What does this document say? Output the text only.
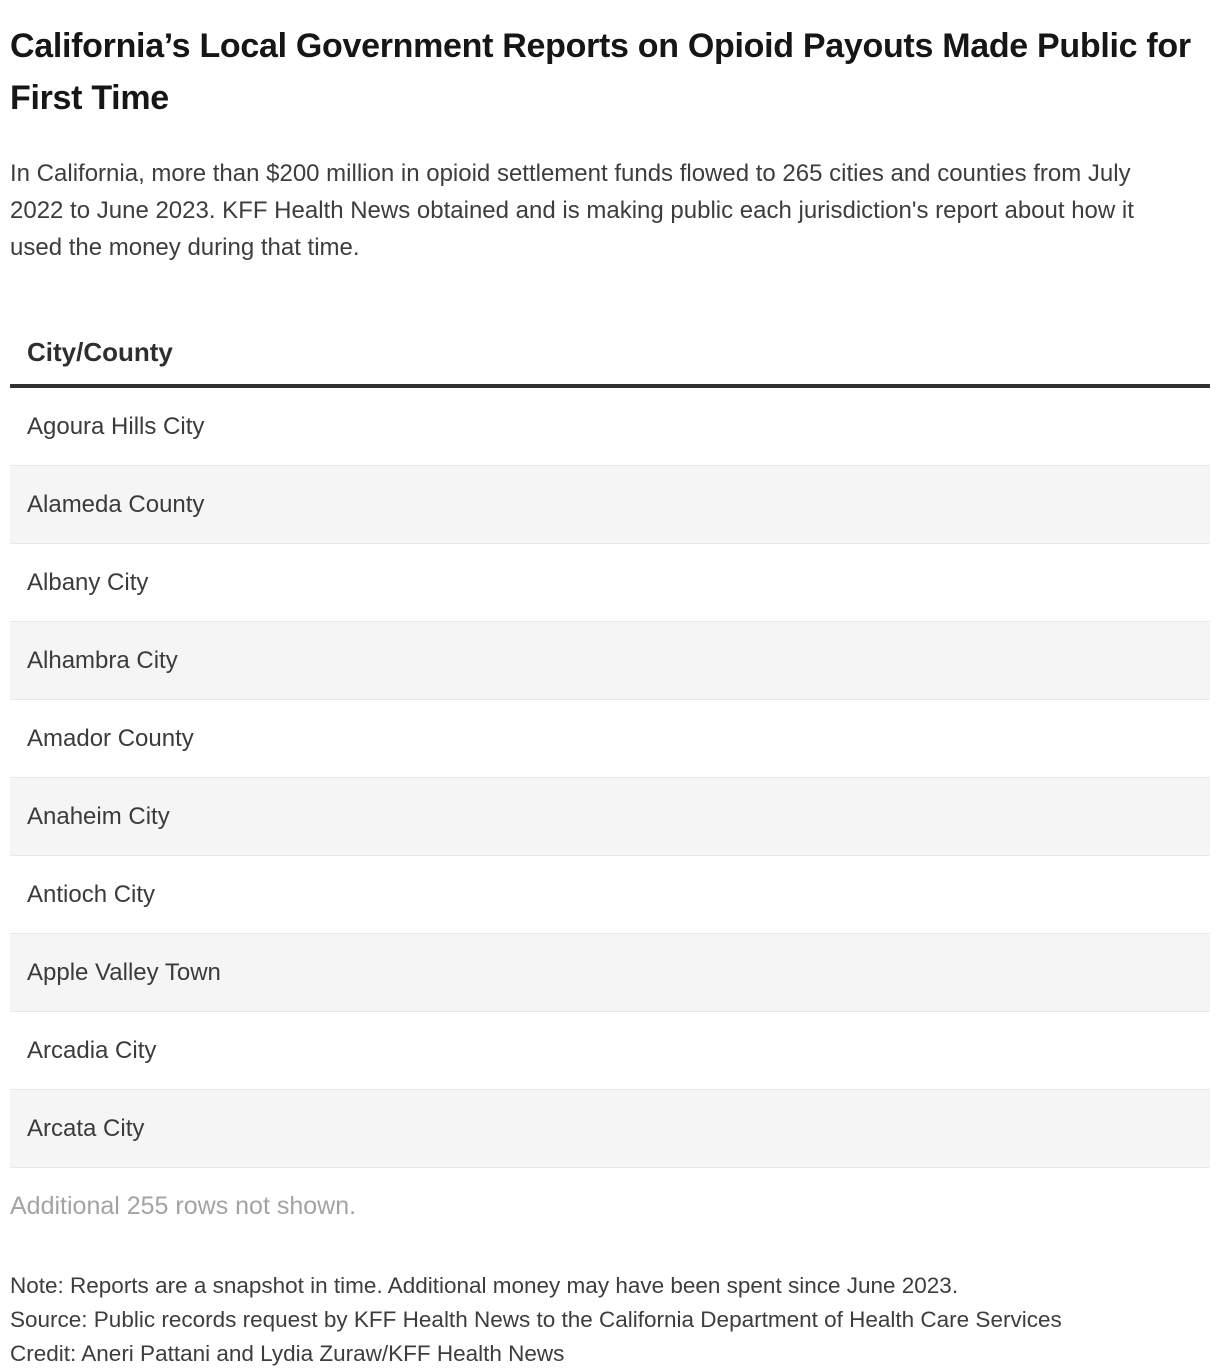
California’s Local Government Reports on Opioid Payouts Made Public for First Time

In California, more than $200 million in opioid settlement funds flowed to 265 cities and counties from July 2022 to June 2023. KFF Health News obtained and is making public each jurisdiction's report about how it used the money during that time.

City/County
Agoura Hills City
Alameda County
Albany City
Alhambra City
Amador County
Anaheim City
Antioch City
Apple Valley Town
Arcadia City
Arcata City
Additional 255 rows not shown.
Note: Reports are a snapshot in time. Additional money may have been spent since June 2023.
Source: Public records request by KFF Health News to the California Department of Health Care Services
Credit: Aneri Pattani and Lydia Zuraw/KFF Health News
